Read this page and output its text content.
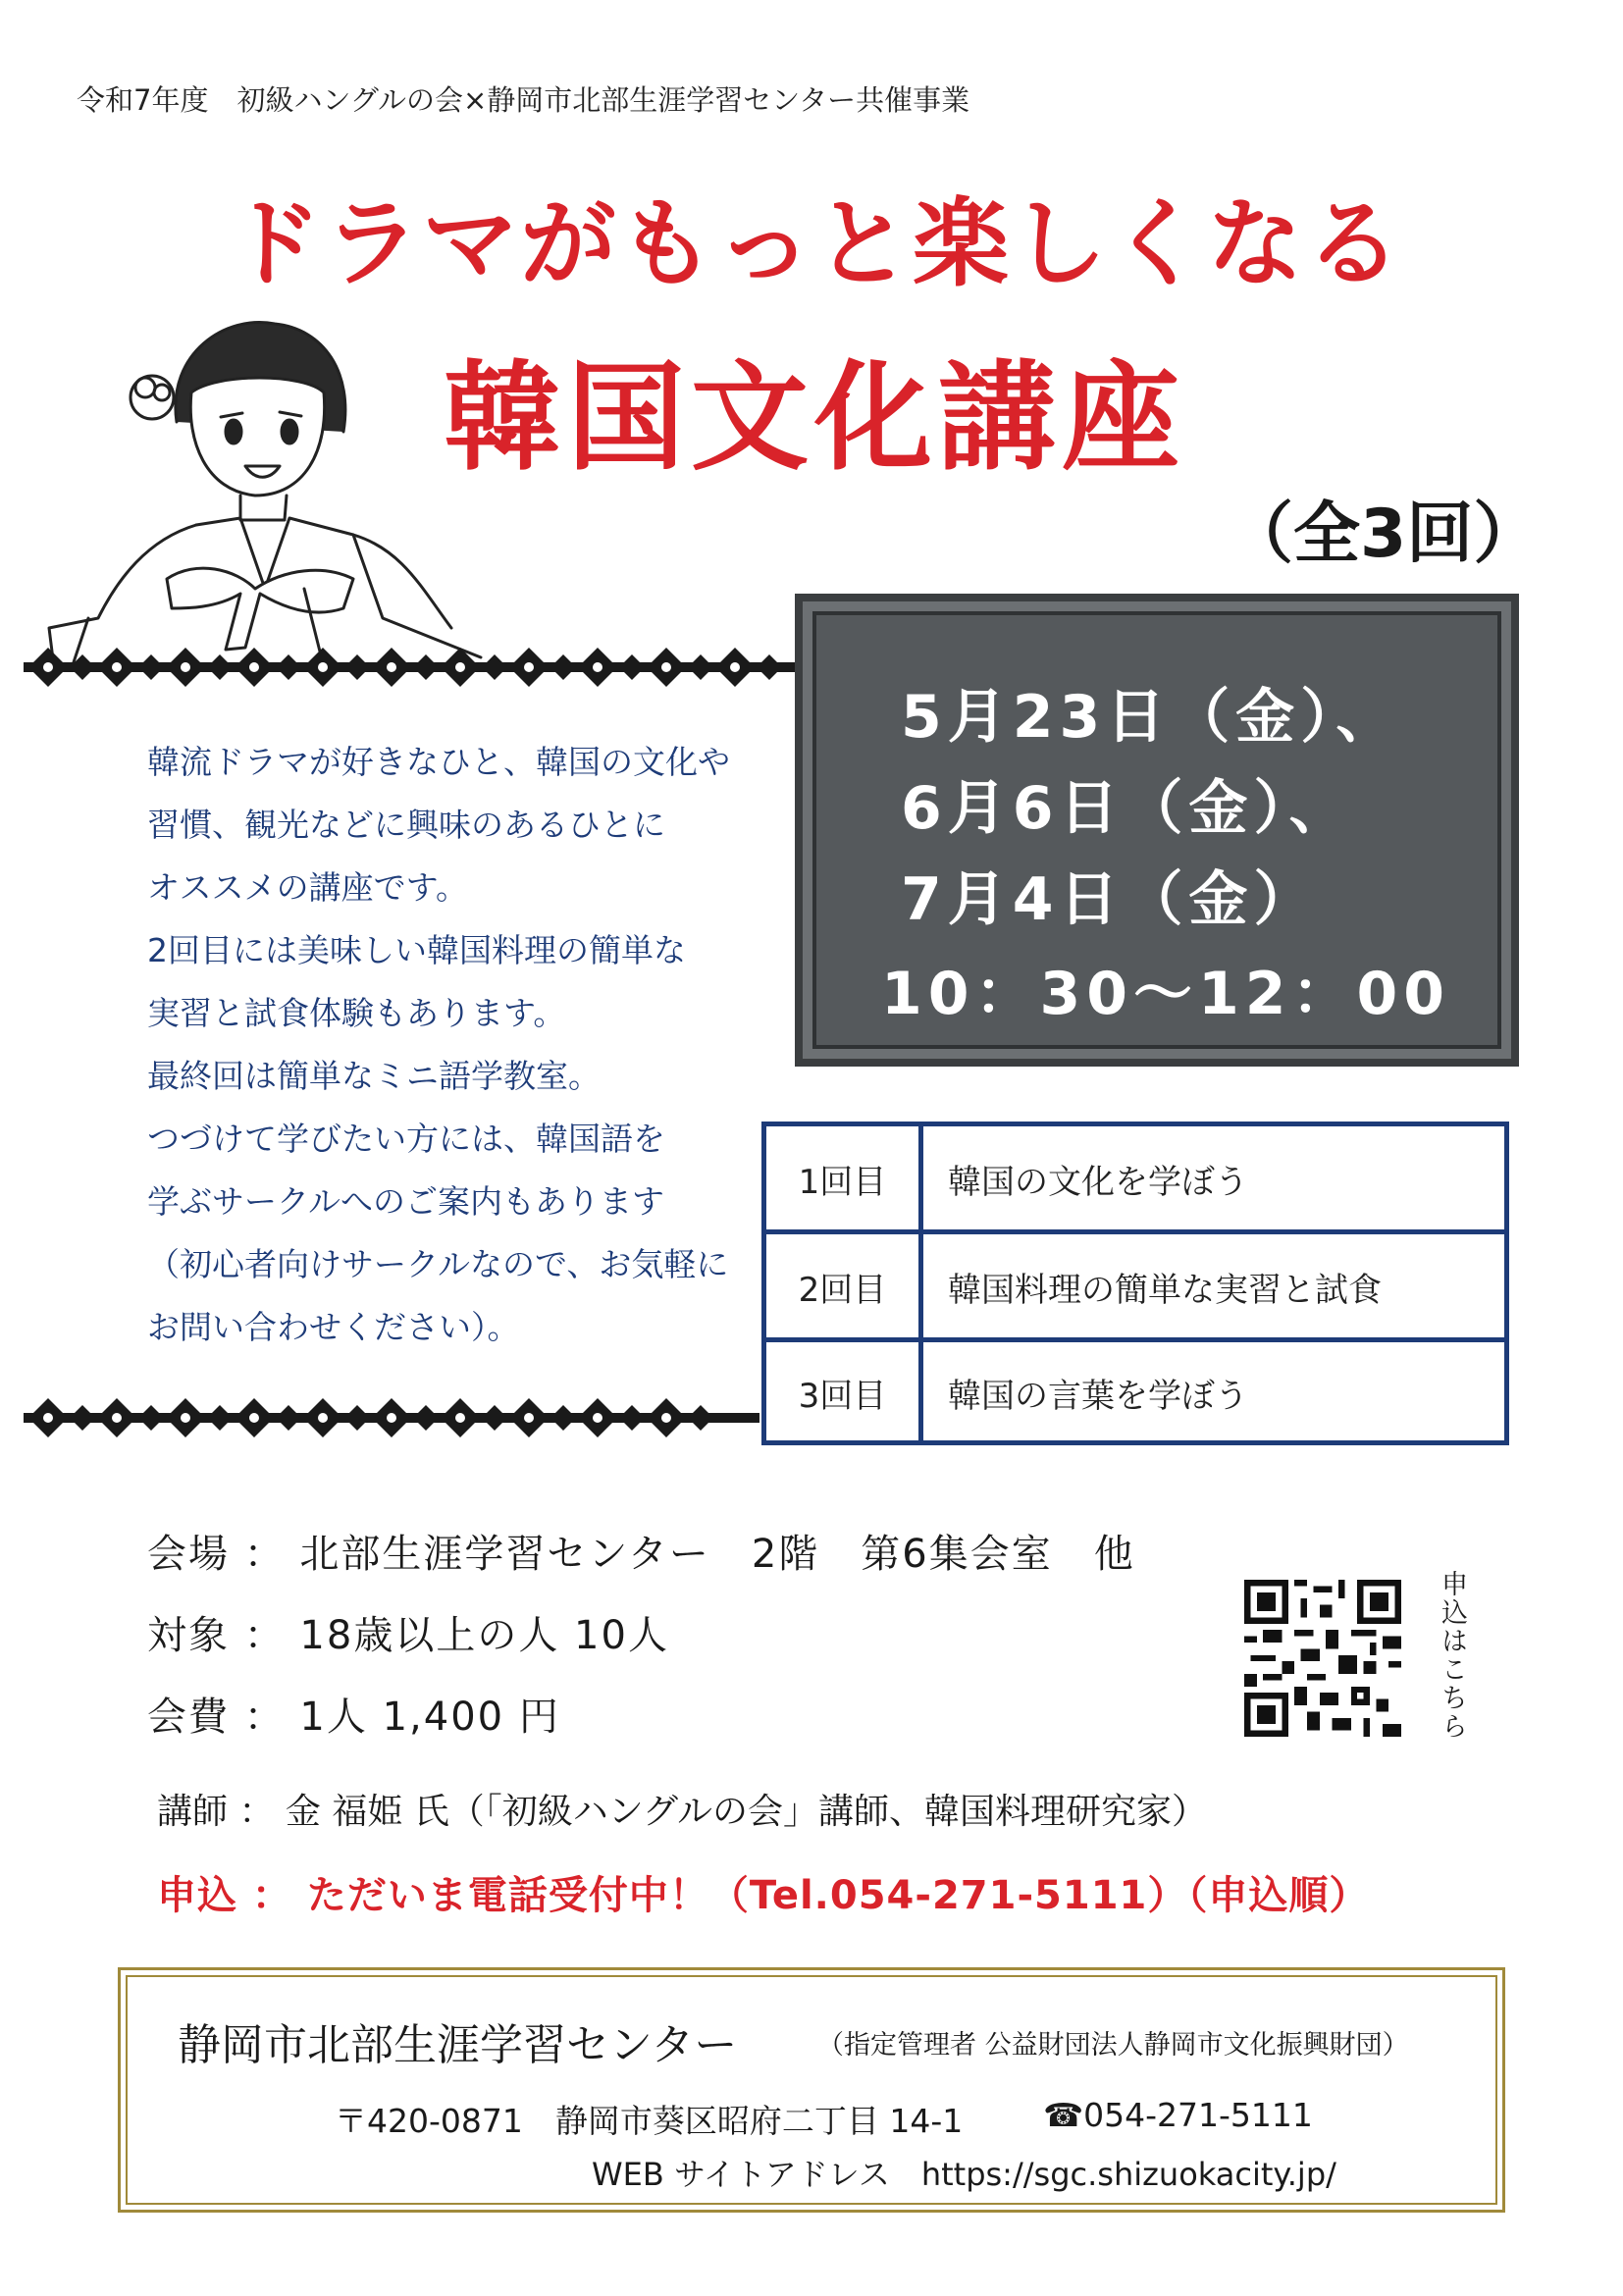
令和7年度　初級ハングルの会×静岡市北部生涯学習センター共催事業
ドラマがもっと楽しくなる
韓国文化講座
（全3回）
5月23日（金）、
6月6日（金）、
7月4日（金）
10：30～12：00
韓流ドラマが好きなひと、韓国の文化や
習慣、観光などに興味のあるひとに
オススメの講座です。
2回目には美味しい韓国料理の簡単な
実習と試食体験もあります。
最終回は簡単なミニ語学教室。
つづけて学びたい方には、韓国語を
学ぶサークルへのご案内もあります
（初心者向けサークルなので、お気軽に
お問い合わせください）。
1回目	韓国の文化を学ぼう
2回目	韓国料理の簡単な実習と試食
3回目	韓国の言葉を学ぼう
会場 ： 北部生涯学習センター　2階　第6集会室　他
対象 ： 18歳以上の人 10人
会費 ： 1人 1,400 円	申込はこちら
講師 ： 金 福姫 氏（「初級ハングルの会」講師、韓国料理研究家）
申込 ： ただいま電話受付中！（Tel.054-271-5111）（申込順）
静岡市北部生涯学習センター	（指定管理者 公益財団法人静岡市文化振興財団）
〒420-0871　静岡市葵区昭府二丁目 14-1 ☎054-271-5111
WEB サイトアドレス　https://sgc.shizuokacity.jp/
